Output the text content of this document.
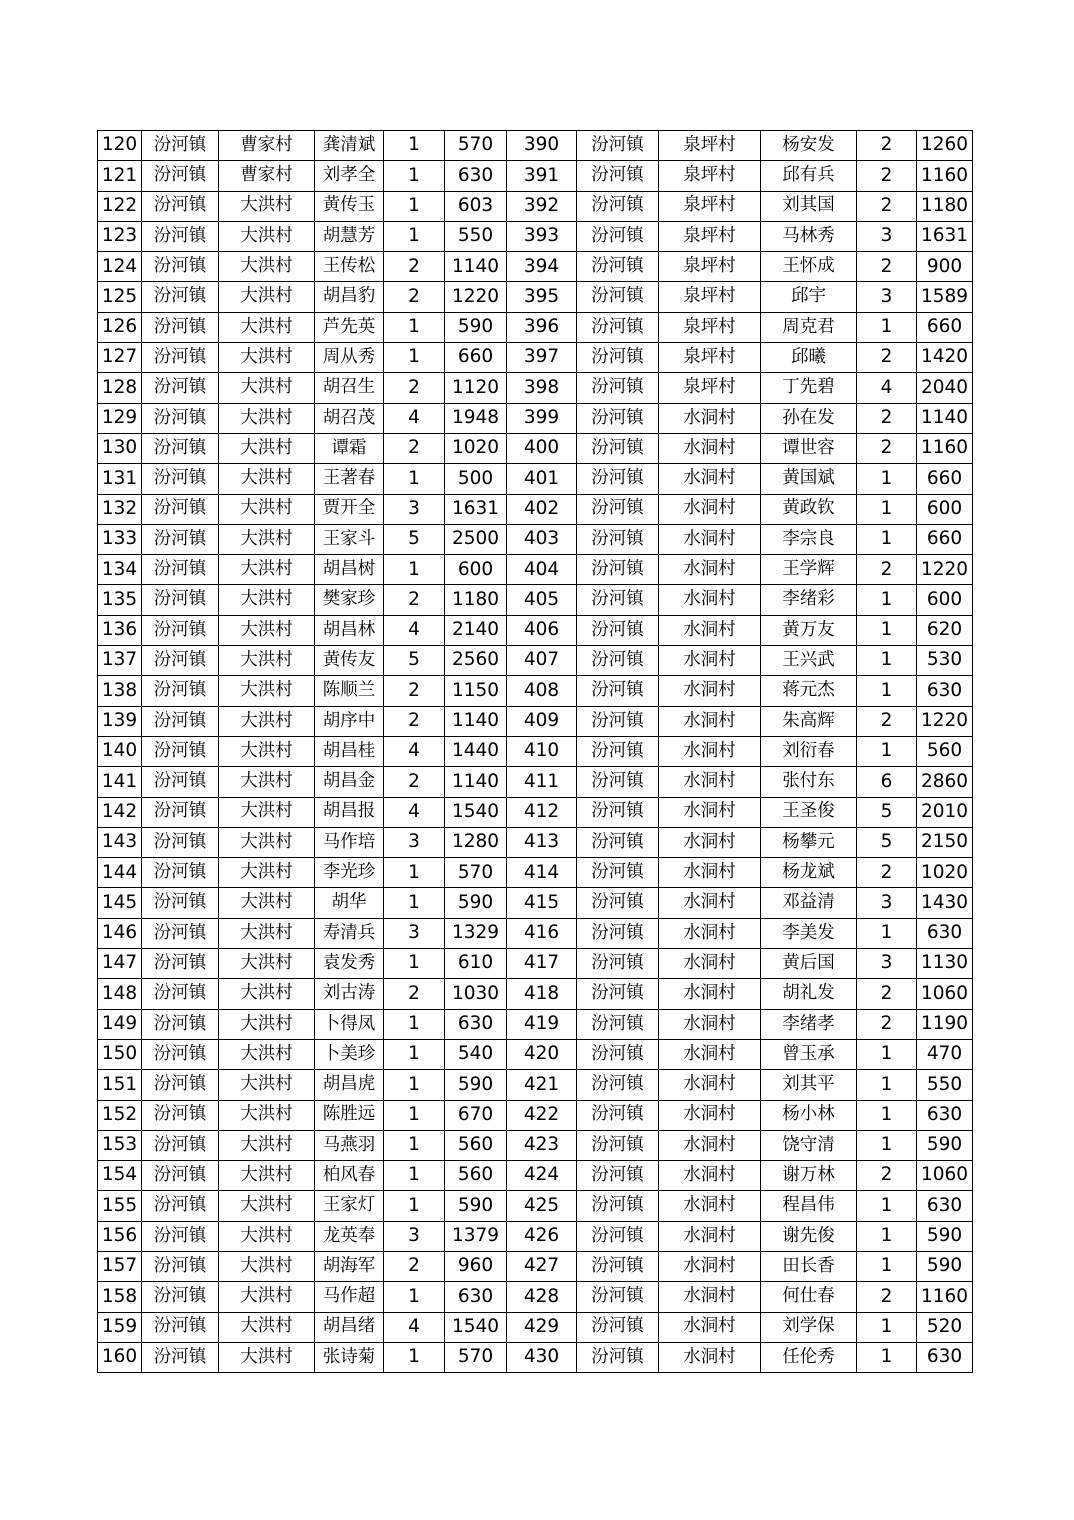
120	汾河镇	曹家村	龚清斌	1	570	390	汾河镇	泉坪村	杨安发	2	1260
121	汾河镇	曹家村	刘孝全	1	630	391	汾河镇	泉坪村	邱有兵	2	1160
122	汾河镇	大洪村	黄传玉	1	603	392	汾河镇	泉坪村	刘其国	2	1180
123	汾河镇	大洪村	胡慧芳	1	550	393	汾河镇	泉坪村	马林秀	3	1631
124	汾河镇	大洪村	王传松	2	1140	394	汾河镇	泉坪村	王怀成	2	900
125	汾河镇	大洪村	胡昌豹	2	1220	395	汾河镇	泉坪村	邱宇	3	1589
126	汾河镇	大洪村	芦先英	1	590	396	汾河镇	泉坪村	周克君	1	660
127	汾河镇	大洪村	周从秀	1	660	397	汾河镇	泉坪村	邱曦	2	1420
128	汾河镇	大洪村	胡召生	2	1120	398	汾河镇	泉坪村	丁先碧	4	2040
129	汾河镇	大洪村	胡召茂	4	1948	399	汾河镇	水洞村	孙在发	2	1140
130	汾河镇	大洪村	谭霜	2	1020	400	汾河镇	水洞村	谭世容	2	1160
131	汾河镇	大洪村	王著春	1	500	401	汾河镇	水洞村	黄国斌	1	660
132	汾河镇	大洪村	贾开全	3	1631	402	汾河镇	水洞村	黄政钦	1	600
133	汾河镇	大洪村	王家斗	5	2500	403	汾河镇	水洞村	李宗良	1	660
134	汾河镇	大洪村	胡昌树	1	600	404	汾河镇	水洞村	王学辉	2	1220
135	汾河镇	大洪村	樊家珍	2	1180	405	汾河镇	水洞村	李绪彩	1	600
136	汾河镇	大洪村	胡昌林	4	2140	406	汾河镇	水洞村	黄万友	1	620
137	汾河镇	大洪村	黄传友	5	2560	407	汾河镇	水洞村	王兴武	1	530
138	汾河镇	大洪村	陈顺兰	2	1150	408	汾河镇	水洞村	蒋元杰	1	630
139	汾河镇	大洪村	胡序中	2	1140	409	汾河镇	水洞村	朱高辉	2	1220
140	汾河镇	大洪村	胡昌桂	4	1440	410	汾河镇	水洞村	刘衍春	1	560
141	汾河镇	大洪村	胡昌金	2	1140	411	汾河镇	水洞村	张付东	6	2860
142	汾河镇	大洪村	胡昌报	4	1540	412	汾河镇	水洞村	王圣俊	5	2010
143	汾河镇	大洪村	马作培	3	1280	413	汾河镇	水洞村	杨攀元	5	2150
144	汾河镇	大洪村	李光珍	1	570	414	汾河镇	水洞村	杨龙斌	2	1020
145	汾河镇	大洪村	胡华	1	590	415	汾河镇	水洞村	邓益清	3	1430
146	汾河镇	大洪村	寿清兵	3	1329	416	汾河镇	水洞村	李美发	1	630
147	汾河镇	大洪村	袁发秀	1	610	417	汾河镇	水洞村	黄后国	3	1130
148	汾河镇	大洪村	刘古涛	2	1030	418	汾河镇	水洞村	胡礼发	2	1060
149	汾河镇	大洪村	卜得凤	1	630	419	汾河镇	水洞村	李绪孝	2	1190
150	汾河镇	大洪村	卜美珍	1	540	420	汾河镇	水洞村	曾玉承	1	470
151	汾河镇	大洪村	胡昌虎	1	590	421	汾河镇	水洞村	刘其平	1	550
152	汾河镇	大洪村	陈胜远	1	670	422	汾河镇	水洞村	杨小林	1	630
153	汾河镇	大洪村	马燕羽	1	560	423	汾河镇	水洞村	饶守清	1	590
154	汾河镇	大洪村	柏风春	1	560	424	汾河镇	水洞村	谢万林	2	1060
155	汾河镇	大洪村	王家灯	1	590	425	汾河镇	水洞村	程昌伟	1	630
156	汾河镇	大洪村	龙英奉	3	1379	426	汾河镇	水洞村	谢先俊	1	590
157	汾河镇	大洪村	胡海军	2	960	427	汾河镇	水洞村	田长香	1	590
158	汾河镇	大洪村	马作超	1	630	428	汾河镇	水洞村	何仕春	2	1160
159	汾河镇	大洪村	胡昌绪	4	1540	429	汾河镇	水洞村	刘学保	1	520
160	汾河镇	大洪村	张诗菊	1	570	430	汾河镇	水洞村	任伦秀	1	630
